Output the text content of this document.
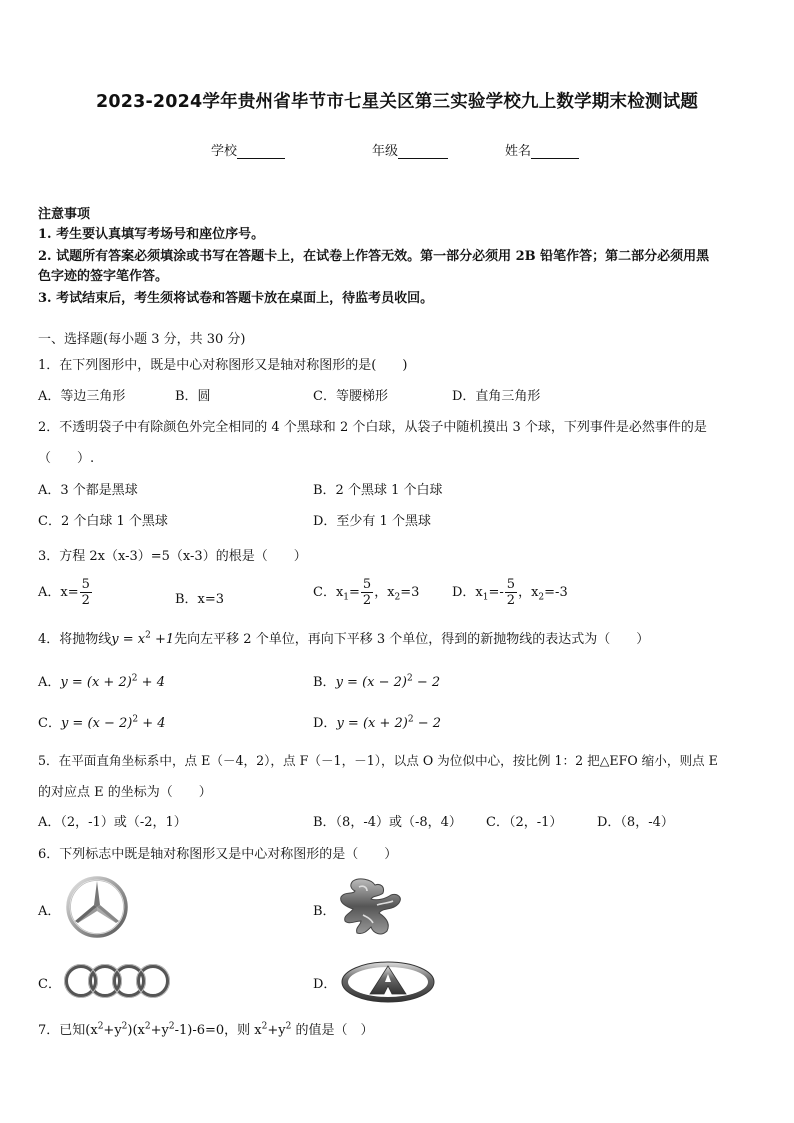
2023-2024学年贵州省毕节市七星关区第三实验学校九上数学期末检测试题
学校	年级	姓名
注意事项
1. 考生要认真填写考场号和座位序号。
2. 试题所有答案必须填涂或书写在答题卡上，在试卷上作答无效。第一部分必须用 2B 铅笔作答；第二部分必须用黑
色字迹的签字笔作答。
3. 考试结束后，考生须将试卷和答题卡放在桌面上，待监考员收回。
一、选择题(每小题 3 分，共 30 分)
1．在下列图形中，既是中心对称图形又是轴对称图形的是(　　)
A．等边三角形	B．圆	C．等腰梯形	D．直角三角形
2．不透明袋子中有除颜色外完全相同的 4 个黑球和 2 个白球，从袋子中随机摸出 3 个球，下列事件是必然事件的是
（　　）.
A．3 个都是黑球	B．2 个黑球 1 个白球
C．2 个白球 1 个黑球	D．至少有 1 个黑球
3．方程 2x（x-3）=5（x-3）的根是（　　）
A．$x= \frac{5}{2}$	B．x=3	C．$x_1= \frac{5}{2}$ ，$x_2=3$	D．$x_1=- \frac{5}{2}$ ，$x_2=-3$
4．将抛物线$y = x^2 +1$先向左平移 2 个单位，再向下平移 3 个单位，得到的新抛物线的表达式为（　　）
A．$y = (x + 2)^2 + 4$	B．$y = (x - 2)^2 - 2$
C．$y = (x - 2)^2 + 4$	D．$y = (x + 2)^2 - 2$
5．在平面直角坐标系中，点 E（－4，2），点 F（－1，－1），以点 O 为位似中心，按比例 1：2 把△EFO 缩小，则点 E
的对应点 E 的坐标为（　　）
A．（2，-1）或（-2，1）	B．（8，-4）或（-8，4） C．（2，-1）	D．（8，-4）
6．下列标志中既是轴对称图形又是中心对称图形的是（　　）
A．	B．
C．	D．
7．已知$(x^2+y^2)(x^2+y^2-1)-6=0$，则 $x^2+y^2$ 的值是（　）
